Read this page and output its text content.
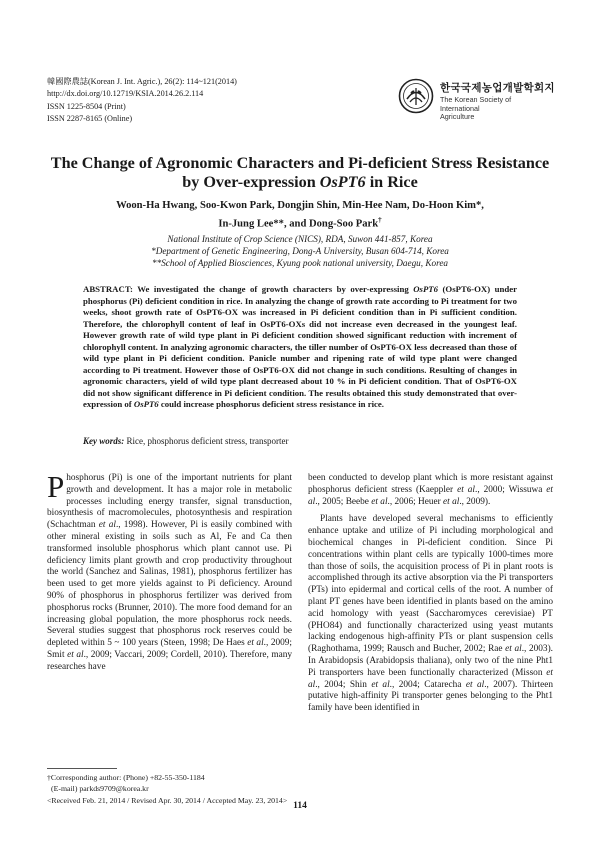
韓國際農誌(Korean J. Int. Agric.), 26(2): 114~121(2014)
http://dx.doi.org/10.12719/KSIA.2014.26.2.114
ISSN 1225-8504 (Print)
ISSN 2287-8165 (Online)
한국국제농업개발학회지
The Korean Society of International
Agriculture
The Change of Agronomic Characters and Pi-deficient Stress Resistance
by Over-expression OsPT6 in Rice
Woon-Ha Hwang, Soo-Kwon Park, Dongjin Shin, Min-Hee Nam, Do-Hoon Kim*,
In-Jung Lee**, and Dong-Soo Park†
National Institute of Crop Science (NICS), RDA, Suwon 441-857, Korea
*Department of Genetic Engineering, Dong-A University, Busan 604-714, Korea
**School of Applied Biosciences, Kyung pook national university, Daegu, Korea
ABSTRACT: We investigated the change of growth characters by over-expressing OsPT6 (OsPT6-OX) under phosphorus (Pi) deficient condition in rice. In analyzing the change of growth rate according to Pi treatment for two weeks, shoot growth rate of OsPT6-OX was increased in Pi deficient condition than in Pi sufficient condition. Therefore, the chlorophyll content of leaf in OsPT6-OXs did not increase even decreased in the youngest leaf. However growth rate of wild type plant in Pi deficient condition showed significant reduction with increment of chlorophyll content. In analyzing agronomic characters, the tiller number of OsPT6-OX less decreased than those of wild type plant in Pi deficient condition. Panicle number and ripening rate of wild type plant were changed according to Pi treatment. However those of OsPT6-OX did not change in such conditions. Resulting of changes in agronomic characters, yield of wild type plant decreased about 10 % in Pi deficient condition. That of OsPT6-OX did not show significant difference in Pi deficient condition. The results obtained this study demonstrated that over-expression of OsPT6 could increase phosphorus deficient stress resistance in rice.
Key words: Rice, phosphorus deficient stress, transporter

Phosphorus (Pi) is one of the important nutrients for plant growth and development. It has a major role in metabolic processes including energy transfer, signal transduction, biosynthesis of macromolecules, photosynthesis and respiration (Schachtman et al., 1998). However, Pi is easily combined with other mineral existing in soils such as Al, Fe and Ca then transformed insoluble phosphorus which plant cannot use. Pi deficiency limits plant growth and crop productivity throughout the world (Sanchez and Salinas, 1981), phosphorus fertilizer has been used to get more yields against to Pi deficiency. Around 90% of phosphorus in phosphorus fertilizer was derived from phosphorus rocks (Brunner, 2010). The more food demand for an increasing global population, the more phosphorus rock needs. Several studies suggest that phosphorus rock reserves could be depleted within 5 ~ 100 years (Steen, 1998; De Haes et al., 2009; Smit et al., 2009; Vaccari, 2009; Cordell, 2010). Therefore, many researches have

been conducted to develop plant which is more resistant against phosphorus deficient stress (Kaeppler et al., 2000; Wissuwa et al., 2005; Beebe et al., 2006; Heuer et al., 2009).

Plants have developed several mechanisms to efficiently enhance uptake and utilize of Pi including morphological and biochemical changes in Pi-deficient condition. Since Pi concentrations within plant cells are typically 1000-times more than those of soils, the acquisition process of Pi in plant roots is accomplished through its active absorption via the Pi transporters (PTs) into epidermal and cortical cells of the root. A number of plant PT genes have been identified in plants based on the amino acid homology with yeast (Saccharomyces cerevisiae) PT (PHO84) and functionally characterized using yeast mutants lacking endogenous high-affinity PTs or plant suspension cells (Raghothama, 1999; Rausch and Bucher, 2002; Rae et al., 2003). In Arabidopsis (Arabidopsis thaliana), only two of the nine Pht1 Pi transporters have been functionally characterized (Misson et al., 2004; Shin et al., 2004; Catarecha et al., 2007). Thirteen putative high-affinity Pi transporter genes belonging to the Pht1 family have been identified in

†Corresponding author: (Phone) +82-55-350-1184
(E-mail) parkds9709@korea.kr
<Received Feb. 21, 2014 / Revised Apr. 30, 2014 / Accepted May. 23, 2014>
114
